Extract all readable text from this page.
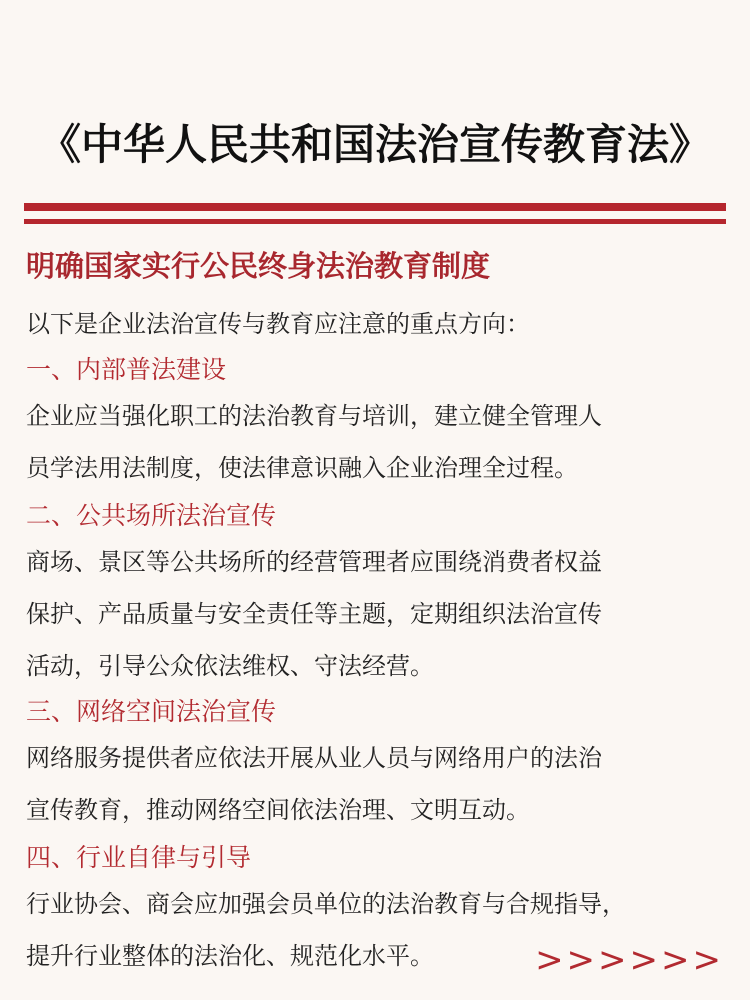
《中华人民共和国法治宣传教育法》
明确国家实行公民终身法治教育制度
以下是企业法治宣传与教育应注意的重点方向：
一、内部普法建设
企业应当强化职工的法治教育与培训，建立健全管理人
员学法用法制度，使法律意识融入企业治理全过程。
二、公共场所法治宣传
商场、景区等公共场所的经营管理者应围绕消费者权益
保护、产品质量与安全责任等主题，定期组织法治宣传
活动，引导公众依法维权、守法经营。
三、网络空间法治宣传
网络服务提供者应依法开展从业人员与网络用户的法治
宣传教育，推动网络空间依法治理、文明互动。
四、行业自律与引导
行业协会、商会应加强会员单位的法治教育与合规指导，
提升行业整体的法治化、规范化水平。	>>>>>>
